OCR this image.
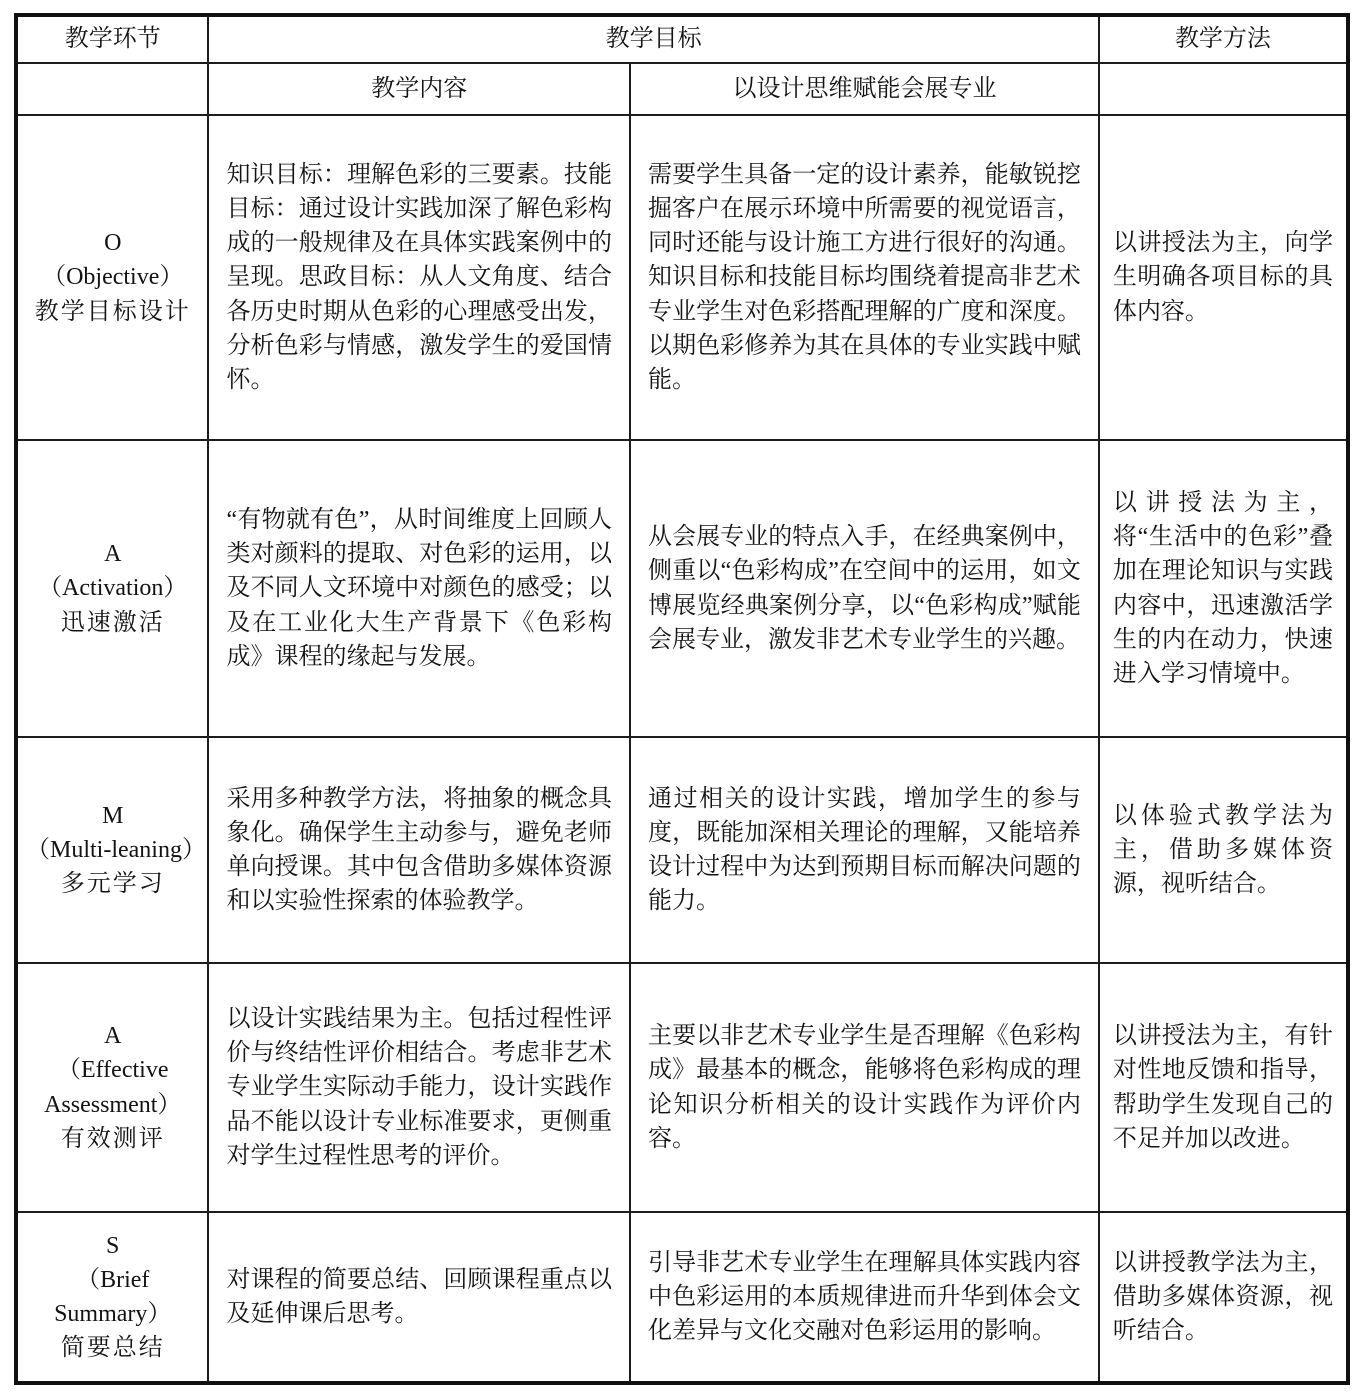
教学环节	教学目标		教学方法
	教学内容	以设计思维赋能会展专业	

O
（Objective）
教学目标设计	知识目标：理解色彩的三要素。技能目标：通过设计实践加深了解色彩构成的一般规律及在具体实践案例中的呈现。思政目标：从人文角度、结合各历史时期从色彩的心理感受出发，分析色彩与情感，激发学生的爱国情怀。	需要学生具备一定的设计素养，能敏锐挖掘客户在展示环境中所需要的视觉语言，同时还能与设计施工方进行很好的沟通。知识目标和技能目标均围绕着提高非艺术专业学生对色彩搭配理解的广度和深度。以期色彩修养为其在具体的专业实践中赋能。	以讲授法为主，向学生明确各项目标的具体内容。

A
（Activation）
迅速激活	“有物就有色”，从时间维度上回顾人类对颜料的提取、对色彩的运用，以及不同人文环境中对颜色的感受；以及在工业化大生产背景下《色彩构成》课程的缘起与发展。	从会展专业的特点入手，在经典案例中，侧重以“色彩构成”在空间中的运用，如文博展览经典案例分享，以“色彩构成”赋能会展专业，激发非艺术专业学生的兴趣。	以讲授法为主，将“生活中的色彩”叠加在理论知识与实践内容中，迅速激活学生的内在动力，快速进入学习情境中。

M
（Multi-leaning）
多元学习	采用多种教学方法，将抽象的概念具象化。确保学生主动参与，避免老师单向授课。其中包含借助多媒体资源和以实验性探索的体验教学。	通过相关的设计实践，增加学生的参与度，既能加深相关理论的理解，又能培养设计过程中为达到预期目标而解决问题的能力。	以体验式教学法为主，借助多媒体资源，视听结合。

A
（Effective Assessment）
有效测评	以设计实践结果为主。包括过程性评价与终结性评价相结合。考虑非艺术专业学生实际动手能力，设计实践作品不能以设计专业标准要求，更侧重对学生过程性思考的评价。	主要以非艺术专业学生是否理解《色彩构成》最基本的概念，能够将色彩构成的理论知识分析相关的设计实践作为评价内容。	以讲授法为主，有针对性地反馈和指导，帮助学生发现自己的不足并加以改进。

S
（Brief Summary）
简要总结	对课程的简要总结、回顾课程重点以及延伸课后思考。	引导非艺术专业学生在理解具体实践内容中色彩运用的本质规律进而升华到体会文化差异与文化交融对色彩运用的影响。	以讲授教学法为主，借助多媒体资源，视听结合。
